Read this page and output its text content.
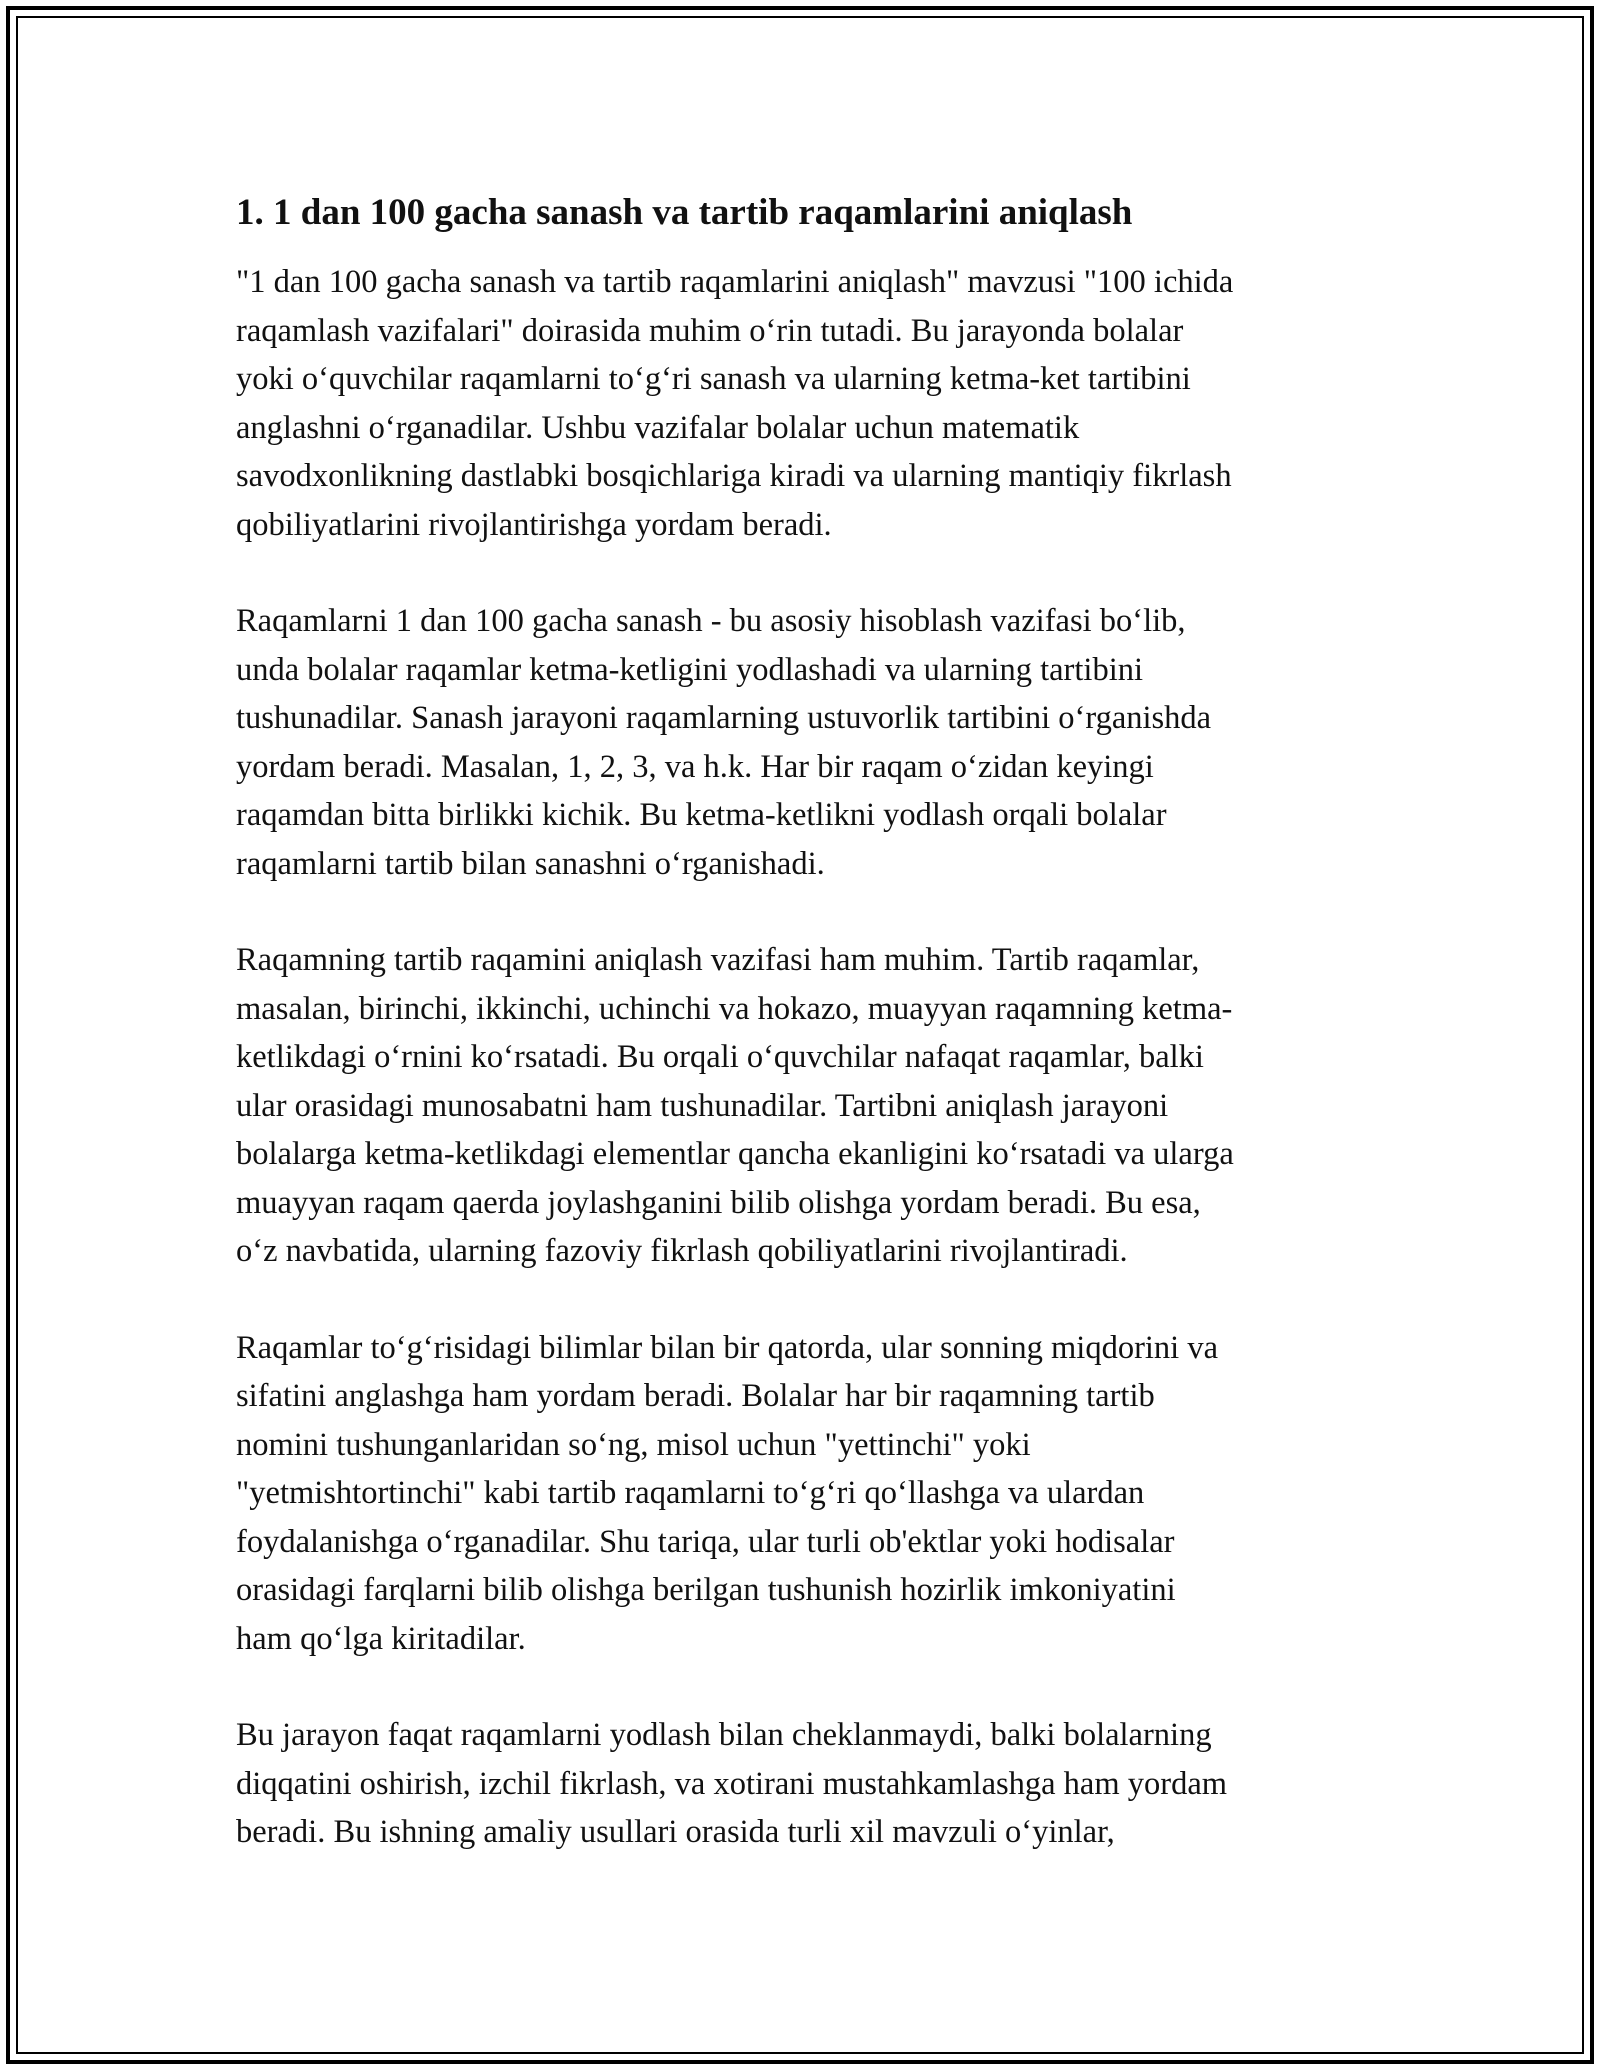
1. 1 dan 100 gacha sanash va tartib raqamlarini aniqlash
"1 dan 100 gacha sanash va tartib raqamlarini aniqlash" mavzusi "100 ichida
raqamlash vazifalari" doirasida muhim oʻrin tutadi. Bu jarayonda bolalar
yoki oʻquvchilar raqamlarni toʻgʻri sanash va ularning ketma-ket tartibini
anglashni oʻrganadilar. Ushbu vazifalar bolalar uchun matematik
savodxonlikning dastlabki bosqichlariga kiradi va ularning mantiqiy fikrlash
qobiliyatlarini rivojlantirishga yordam beradi.
Raqamlarni 1 dan 100 gacha sanash - bu asosiy hisoblash vazifasi boʻlib,
unda bolalar raqamlar ketma-ketligini yodlashadi va ularning tartibini
tushunadilar. Sanash jarayoni raqamlarning ustuvorlik tartibini oʻrganishda
yordam beradi. Masalan, 1, 2, 3, va h.k. Har bir raqam oʻzidan keyingi
raqamdan bitta birlikki kichik. Bu ketma-ketlikni yodlash orqali bolalar
raqamlarni tartib bilan sanashni oʻrganishadi.
Raqamning tartib raqamini aniqlash vazifasi ham muhim. Tartib raqamlar,
masalan, birinchi, ikkinchi, uchinchi va hokazo, muayyan raqamning ketma-
ketlikdagi oʻrnini koʻrsatadi. Bu orqali oʻquvchilar nafaqat raqamlar, balki
ular orasidagi munosabatni ham tushunadilar. Tartibni aniqlash jarayoni
bolalarga ketma-ketlikdagi elementlar qancha ekanligini koʻrsatadi va ularga
muayyan raqam qaerda joylashganini bilib olishga yordam beradi. Bu esa,
oʻz navbatida, ularning fazoviy fikrlash qobiliyatlarini rivojlantiradi.
Raqamlar toʻgʻrisidagi bilimlar bilan bir qatorda, ular sonning miqdorini va
sifatini anglashga ham yordam beradi. Bolalar har bir raqamning tartib
nomini tushunganlaridan soʻng, misol uchun "yettinchi" yoki
"yetmishtortinchi" kabi tartib raqamlarni toʻgʻri qoʻllashga va ulardan
foydalanishga oʻrganadilar. Shu tariqa, ular turli ob'ektlar yoki hodisalar
orasidagi farqlarni bilib olishga berilgan tushunish hozirlik imkoniyatini
ham qoʻlga kiritadilar.
Bu jarayon faqat raqamlarni yodlash bilan cheklanmaydi, balki bolalarning
diqqatini oshirish, izchil fikrlash, va xotirani mustahkamlashga ham yordam
beradi. Bu ishning amaliy usullari orasida turli xil mavzuli oʻyinlar,
